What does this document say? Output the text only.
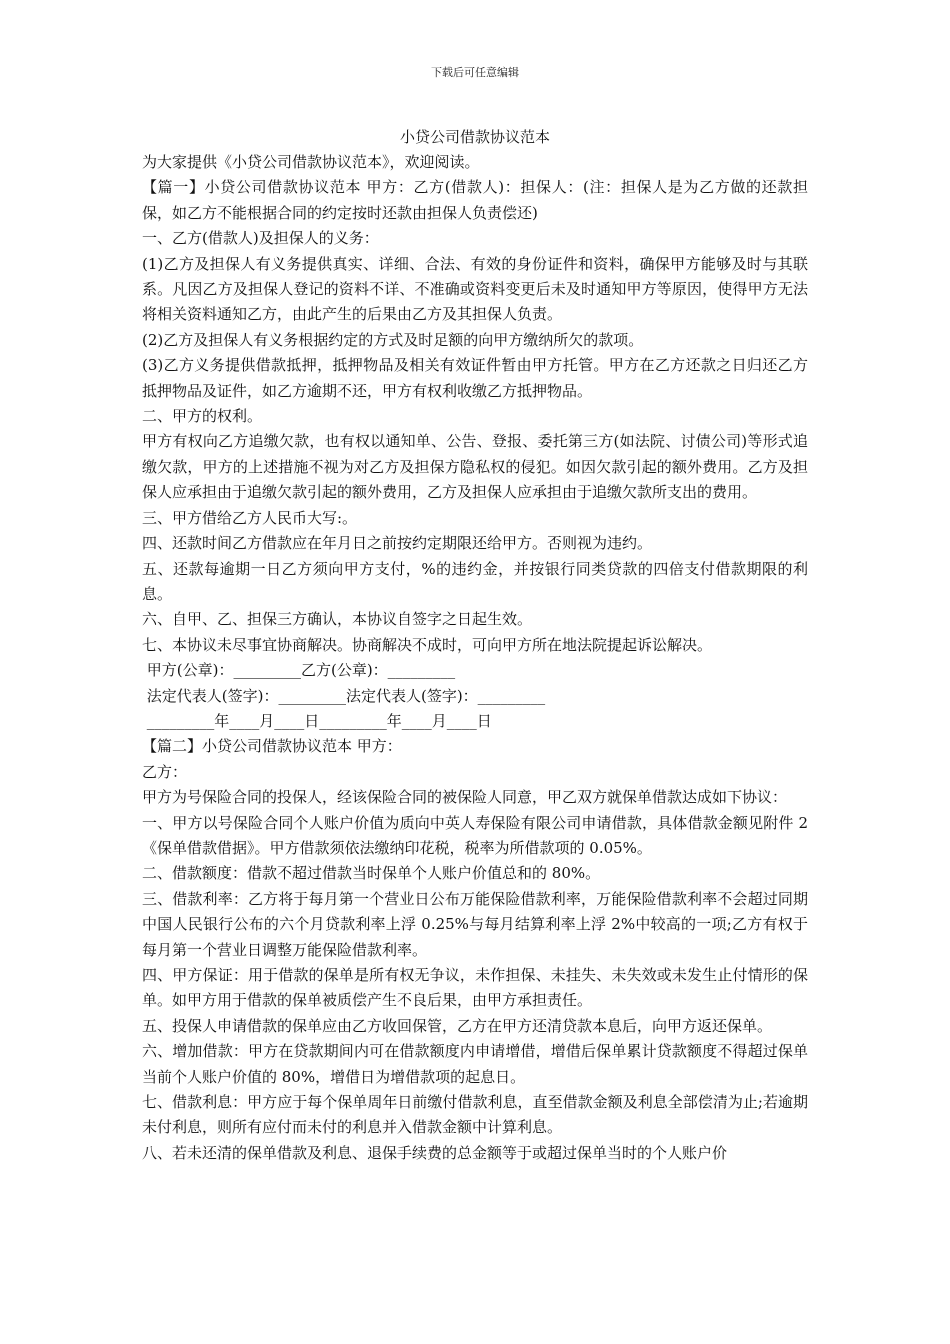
下载后可任意编辑
小贷公司借款协议范本

为大家提供《小贷公司借款协议范本》，欢迎阅读。

【篇一】小贷公司借款协议范本 甲方：乙方(借款人)：担保人：(注：担保人是为乙方做的还款担保，如乙方不能根据合同的约定按时还款由担保人负责偿还)

一、乙方(借款人)及担保人的义务：

(1)乙方及担保人有义务提供真实、详细、合法、有效的身份证件和资料，确保甲方能够及时与其联系。凡因乙方及担保人登记的资料不详、不准确或资料变更后未及时通知甲方等原因，使得甲方无法将相关资料通知乙方，由此产生的后果由乙方及其担保人负责。

(2)乙方及担保人有义务根据约定的方式及时足额的向甲方缴纳所欠的款项。

(3)乙方义务提供借款抵押，抵押物品及相关有效证件暂由甲方托管。甲方在乙方还款之日归还乙方抵押物品及证件，如乙方逾期不还，甲方有权利收缴乙方抵押物品。

二、甲方的权利。

甲方有权向乙方追缴欠款，也有权以通知单、公告、登报、委托第三方(如法院、讨债公司)等形式追缴欠款，甲方的上述措施不视为对乙方及担保方隐私权的侵犯。如因欠款引起的额外费用。乙方及担保人应承担由于追缴欠款引起的额外费用，乙方及担保人应承担由于追缴欠款所支出的费用。

三、甲方借给乙方人民币大写:。

四、还款时间乙方借款应在年月日之前按约定期限还给甲方。否则视为违约。

五、还款每逾期一日乙方须向甲方支付，%的违约金，并按银行同类贷款的四倍支付借款期限的利息。

六、自甲、乙、担保三方确认，本协议自签字之日起生效。

七、本协议未尽事宜协商解决。协商解决不成时，可向甲方所在地法院提起诉讼解决。

甲方(公章)：_________乙方(公章)：_________

法定代表人(签字)：_________法定代表人(签字)：_________

_________年____月____日_________年____月____日

【篇二】小贷公司借款协议范本 甲方：

乙方：

甲方为号保险合同的投保人，经该保险合同的被保险人同意，甲乙双方就保单借款达成如下协议：

一、甲方以号保险合同个人账户价值为质向中英人寿保险有限公司申请借款，具体借款金额见附件 2《保单借款借据》。甲方借款须依法缴纳印花税，税率为所借款项的 0.05%。

二、借款额度：借款不超过借款当时保单个人账户价值总和的 80%。

三、借款利率：乙方将于每月第一个营业日公布万能保险借款利率，万能保险借款利率不会超过同期中国人民银行公布的六个月贷款利率上浮 0.25%与每月结算利率上浮 2%中较高的一项;乙方有权于每月第一个营业日调整万能保险借款利率。

四、甲方保证：用于借款的保单是所有权无争议，未作担保、未挂失、未失效或未发生止付情形的保单。如甲方用于借款的保单被质偿产生不良后果，由甲方承担责任。

五、投保人申请借款的保单应由乙方收回保管，乙方在甲方还清贷款本息后，向甲方返还保单。

六、增加借款：甲方在贷款期间内可在借款额度内申请增借，增借后保单累计贷款额度不得超过保单当前个人账户价值的 80%，增借日为增借款项的起息日。

七、借款利息：甲方应于每个保单周年日前缴付借款利息，直至借款金额及利息全部偿清为止;若逾期未付利息，则所有应付而未付的利息并入借款金额中计算利息。

八、若未还清的保单借款及利息、退保手续费的总金额等于或超过保单当时的个人账户价
